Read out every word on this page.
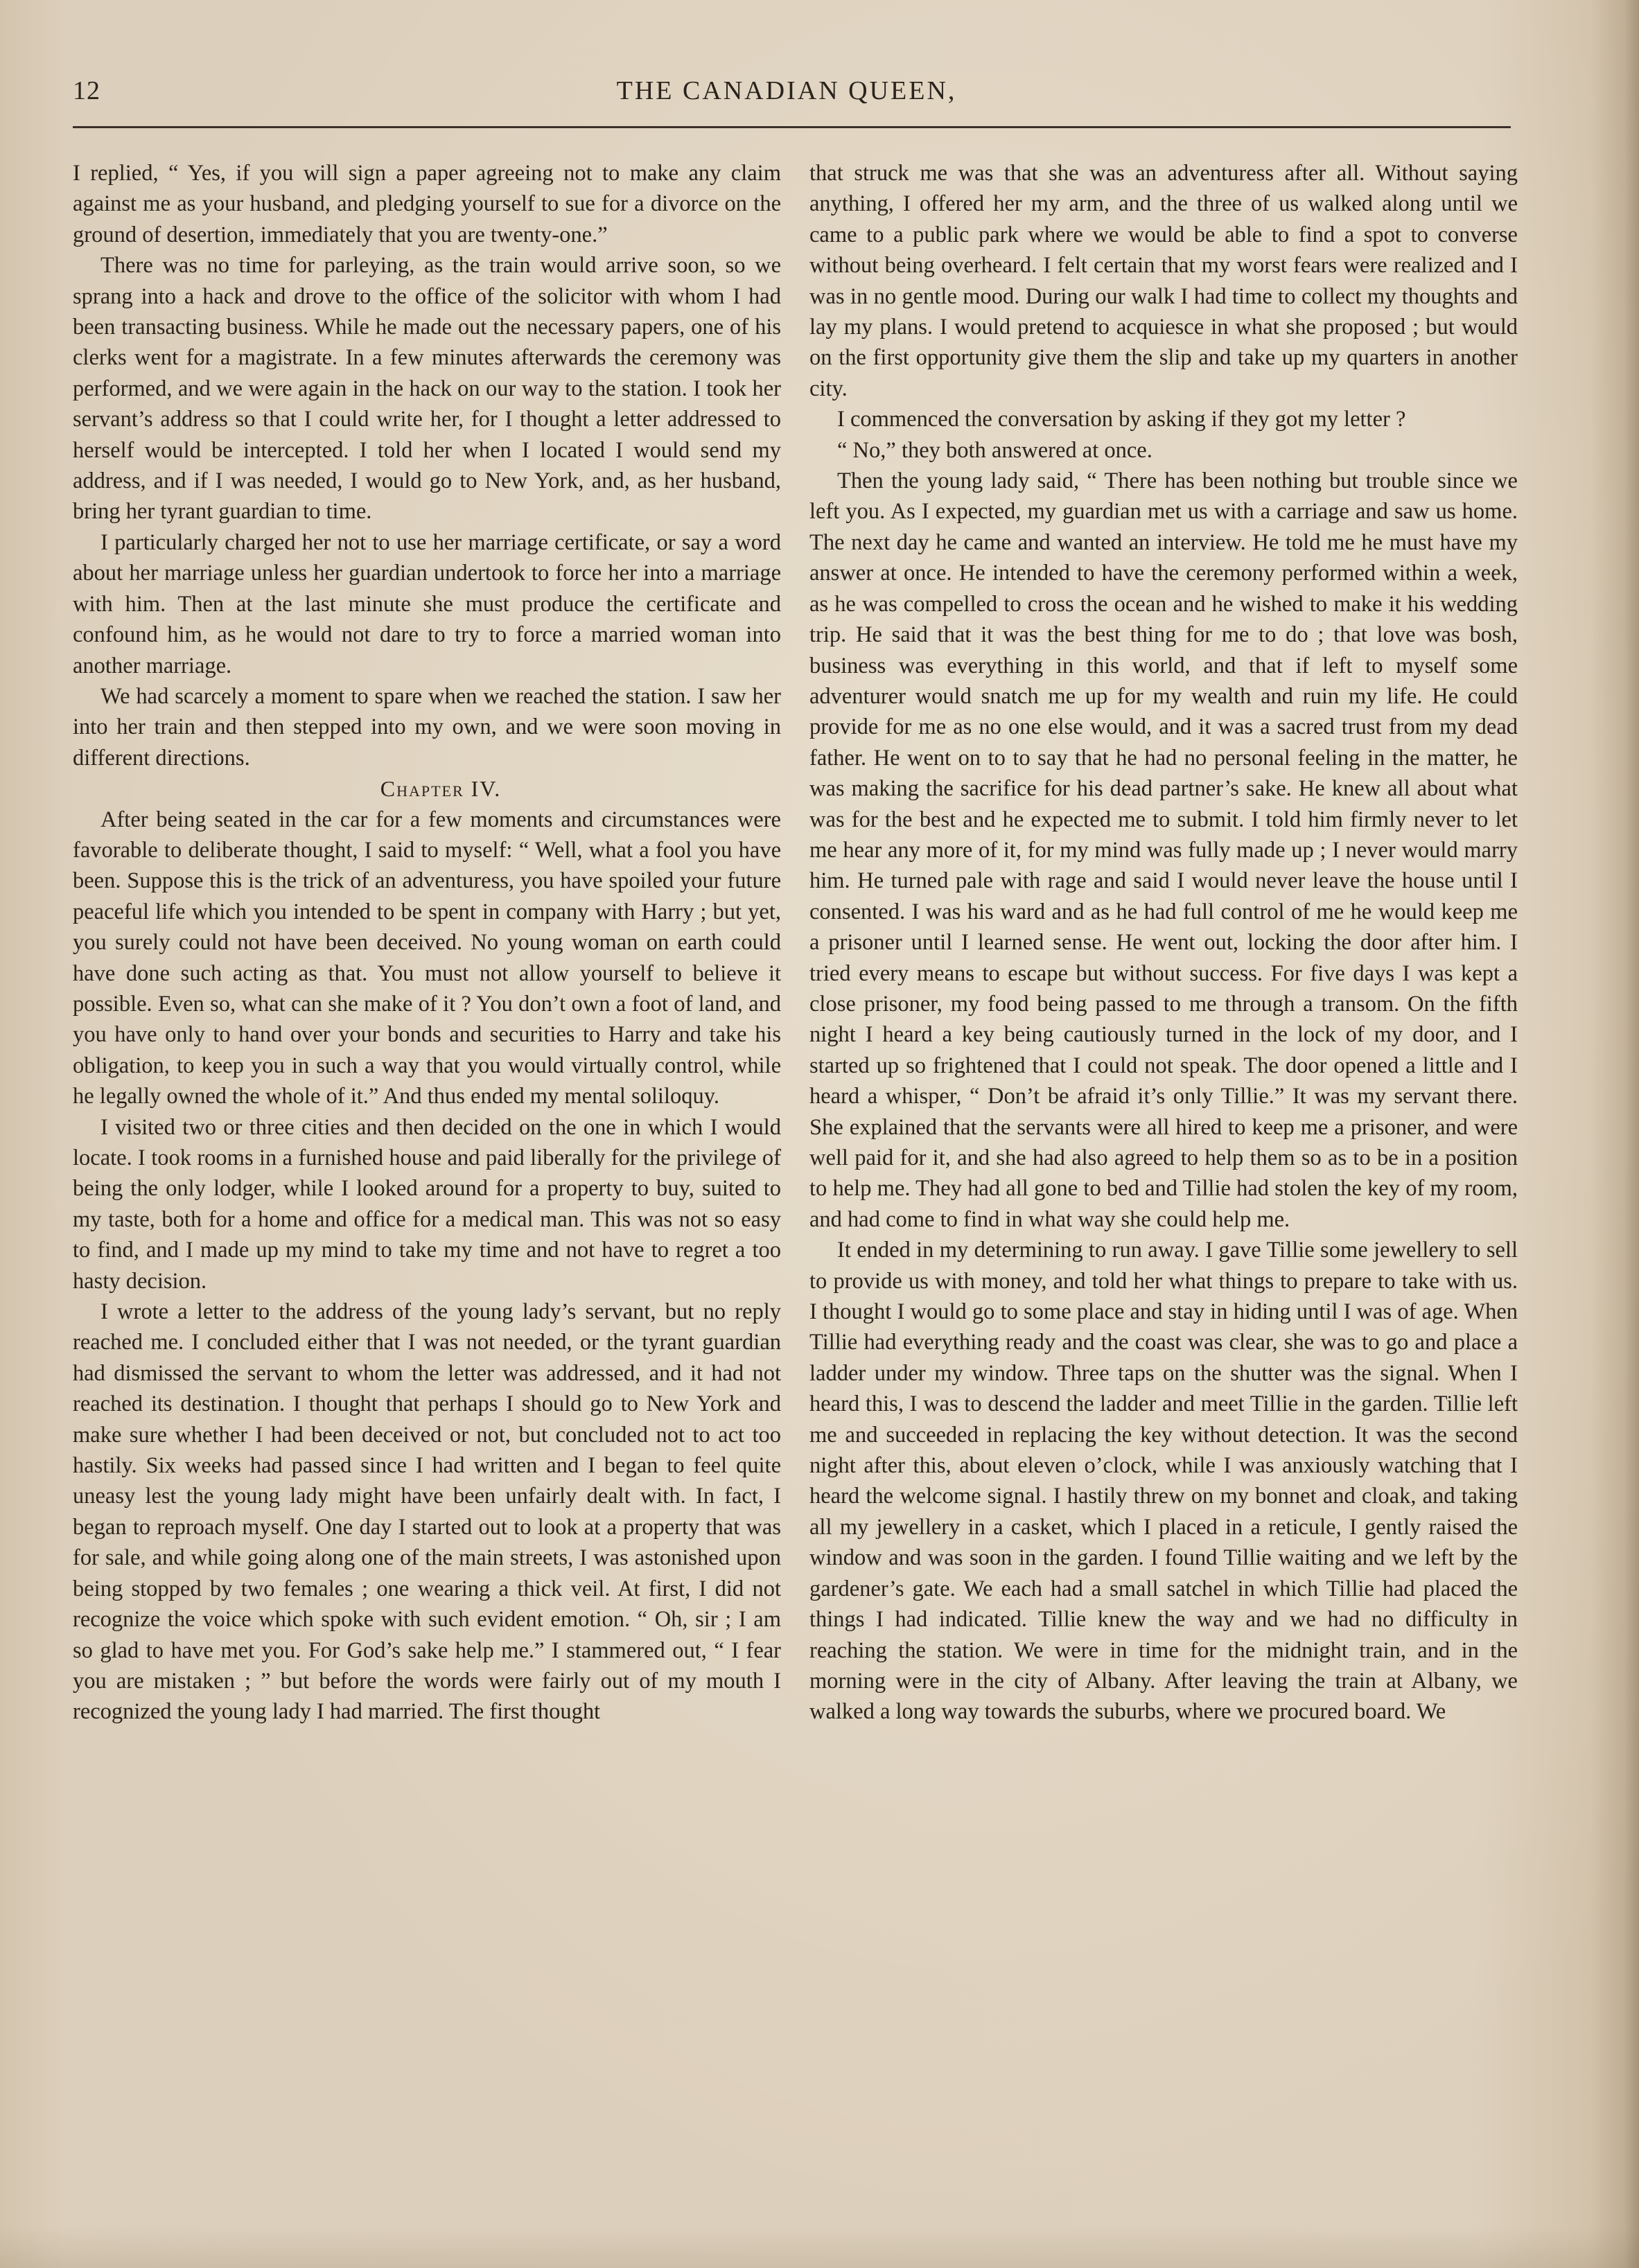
12	THE CANADIAN QUEEN,

I replied, “ Yes, if you will sign a paper agreeing not to make any claim against me as your husband, and pledging yourself to sue for a divorce on the ground of desertion, immediately that you are twenty-one.”

There was no time for parleying, as the train would arrive soon, so we sprang into a hack and drove to the office of the solicitor with whom I had been transacting business. While he made out the necessary papers, one of his clerks went for a magistrate. In a few minutes afterwards the ceremony was performed, and we were again in the hack on our way to the station. I took her servant’s address so that I could write her, for I thought a letter addressed to herself would be intercepted. I told her when I located I would send my address, and if I was needed, I would go to New York, and, as her husband, bring her tyrant guardian to time.

I particularly charged her not to use her marriage certificate, or say a word about her marriage unless her guardian undertook to force her into a marriage with him. Then at the last minute she must produce the certificate and confound him, as he would not dare to try to force a married woman into another marriage.

We had scarcely a moment to spare when we reached the station. I saw her into her train and then stepped into my own, and we were soon moving in different directions.

Chapter IV.

After being seated in the car for a few moments and circumstances were favorable to deliberate thought, I said to myself: “ Well, what a fool you have been. Suppose this is the trick of an adventuress, you have spoiled your future peaceful life which you intended to be spent in company with Harry ; but yet, you surely could not have been deceived. No young woman on earth could have done such acting as that. You must not allow yourself to believe it possible. Even so, what can she make of it ? You don’t own a foot of land, and you have only to hand over your bonds and securities to Harry and take his obligation, to keep you in such a way that you would virtually control, while he legally owned the whole of it.” And thus ended my mental soliloquy.

I visited two or three cities and then decided on the one in which I would locate. I took rooms in a furnished house and paid liberally for the privilege of being the only lodger, while I looked around for a property to buy, suited to my taste, both for a home and office for a medical man. This was not so easy to find, and I made up my mind to take my time and not have to regret a too hasty decision.

I wrote a letter to the address of the young lady’s servant, but no reply reached me. I concluded either that I was not needed, or the tyrant guardian had dismissed the servant to whom the letter was addressed, and it had not reached its destination. I thought that perhaps I should go to New York and make sure whether I had been deceived or not, but concluded not to act too hastily. Six weeks had passed since I had written and I began to feel quite uneasy lest the young lady might have been unfairly dealt with. In fact, I began to reproach myself. One day I started out to look at a property that was for sale, and while going along one of the main streets, I was astonished upon being stopped by two females ; one wearing a thick veil. At first, I did not recognize the voice which spoke with such evident emotion. “ Oh, sir ; I am so glad to have met you. For God’s sake help me.” I stammered out, “ I fear you are mistaken ; ” but before the words were fairly out of my mouth I recognized the young lady I had married. The first thought

that struck me was that she was an adventuress after all. Without saying anything, I offered her my arm, and the three of us walked along until we came to a public park where we would be able to find a spot to converse without being overheard. I felt certain that my worst fears were realized and I was in no gentle mood. During our walk I had time to collect my thoughts and lay my plans. I would pretend to acquiesce in what she proposed ; but would on the first opportunity give them the slip and take up my quarters in another city.

I commenced the conversation by asking if they got my letter ?

“ No,” they both answered at once.

Then the young lady said, “ There has been nothing but trouble since we left you. As I expected, my guardian met us with a carriage and saw us home. The next day he came and wanted an interview. He told me he must have my answer at once. He intended to have the ceremony performed within a week, as he was compelled to cross the ocean and he wished to make it his wedding trip. He said that it was the best thing for me to do ; that love was bosh, business was everything in this world, and that if left to myself some adventurer would snatch me up for my wealth and ruin my life. He could provide for me as no one else would, and it was a sacred trust from my dead father. He went on to to say that he had no personal feeling in the matter, he was making the sacrifice for his dead partner’s sake. He knew all about what was for the best and he expected me to submit. I told him firmly never to let me hear any more of it, for my mind was fully made up ; I never would marry him. He turned pale with rage and said I would never leave the house until I consented. I was his ward and as he had full control of me he would keep me a prisoner until I learned sense. He went out, locking the door after him. I tried every means to escape but without success. For five days I was kept a close prisoner, my food being passed to me through a transom. On the fifth night I heard a key being cautiously turned in the lock of my door, and I started up so frightened that I could not speak. The door opened a little and I heard a whisper, “ Don’t be afraid it’s only Tillie.” It was my servant there. She explained that the servants were all hired to keep me a prisoner, and were well paid for it, and she had also agreed to help them so as to be in a position to help me. They had all gone to bed and Tillie had stolen the key of my room, and had come to find in what way she could help me.

It ended in my determining to run away. I gave Tillie some jewellery to sell to provide us with money, and told her what things to prepare to take with us. I thought I would go to some place and stay in hiding until I was of age. When Tillie had everything ready and the coast was clear, she was to go and place a ladder under my window. Three taps on the shutter was the signal. When I heard this, I was to descend the ladder and meet Tillie in the garden. Tillie left me and succeeded in replacing the key without detection. It was the second night after this, about eleven o’clock, while I was anxiously watching that I heard the welcome signal. I hastily threw on my bonnet and cloak, and taking all my jewellery in a casket, which I placed in a reticule, I gently raised the window and was soon in the garden. I found Tillie waiting and we left by the gardener’s gate. We each had a small satchel in which Tillie had placed the things I had indicated. Tillie knew the way and we had no difficulty in reaching the station. We were in time for the midnight train, and in the morning were in the city of Albany. After leaving the train at Albany, we walked a long way towards the suburbs, where we procured board. We
